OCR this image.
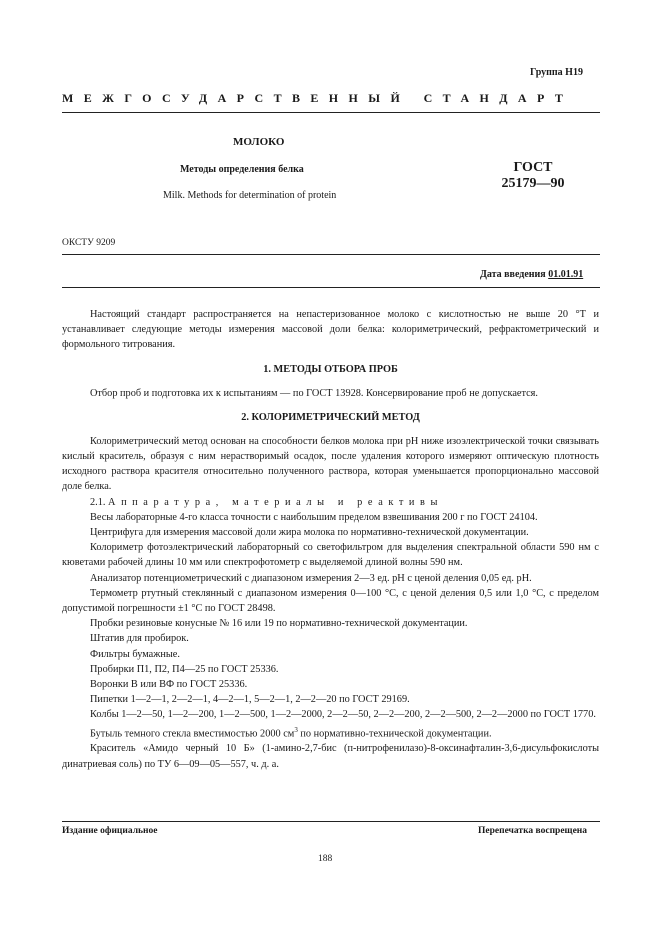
Группа Н19
МЕЖГОСУДАРСТВЕННЫЙ СТАНДАРТ
МОЛОКО
Методы определения белка
Milk. Methods for determination of protein
ГОСТ
25179—90
ОКСТУ 9209
Дата введения 01.01.91

Настоящий стандарт распространяется на непастеризованное молоко с кислотностью не выше 20 °Т и устанавливает следующие методы измерения массовой доли белка: колориметрический, рефрактометрический и формольного титрования.

1. МЕТОДЫ ОТБОРА ПРОБ

Отбор проб и подготовка их к испытаниям — по ГОСТ 13928. Консервирование проб не допускается.

2. КОЛОРИМЕТРИЧЕСКИЙ МЕТОД

Колориметрический метод основан на способности белков молока при pH ниже изоэлектрической точки связывать кислый краситель, образуя с ним нерастворимый осадок, после удаления которого измеряют оптическую плотность исходного раствора красителя относительно полученного раствора, которая уменьшается пропорционально массовой доле белка.

2.1. Аппаратура, материалы и реактивы

Весы лабораторные 4-го класса точности с наибольшим пределом взвешивания 200 г по ГОСТ 24104.

Центрифуга для измерения массовой доли жира молока по нормативно-технической документации.

Колориметр фотоэлектрический лабораторный со светофильтром для выделения спектральной области 590 нм с кюветами рабочей длины 10 мм или спектрофотометр с выделяемой длиной волны 590 нм.

Анализатор потенциометрический с диапазоном измерения 2—3 ед. pH с ценой деления 0,05 ед. pH.

Термометр ртутный стеклянный с диапазоном измерения 0—100 °С, с ценой деления 0,5 или 1,0 °С, с пределом допустимой погрешности ±1 °С по ГОСТ 28498.

Пробки резиновые конусные № 16 или 19 по нормативно-технической документации.

Штатив для пробирок.

Фильтры бумажные.

Пробирки П1, П2, П4—25 по ГОСТ 25336.

Воронки В или ВФ по ГОСТ 25336.

Пипетки 1—2—1, 2—2—1, 4—2—1, 5—2—1, 2—2—20 по ГОСТ 29169.

Колбы 1—2—50, 1—2—200, 1—2—500, 1—2—2000, 2—2—50, 2—2—200, 2—2—500, 2—2—2000 по ГОСТ 1770.

Бутыль темного стекла вместимостью 2000 $см^3$ по нормативно-технической документации.

Краситель «Амидо черный 10 Б» (1-амино-2,7-бис (п-нитрофенилазо)-8-оксинафталин-3,6-дисульфокислоты динатриевая соль) по ТУ 6—09—05—557, ч. д. а.

Издание официальное	Перепечатка воспрещена
188
